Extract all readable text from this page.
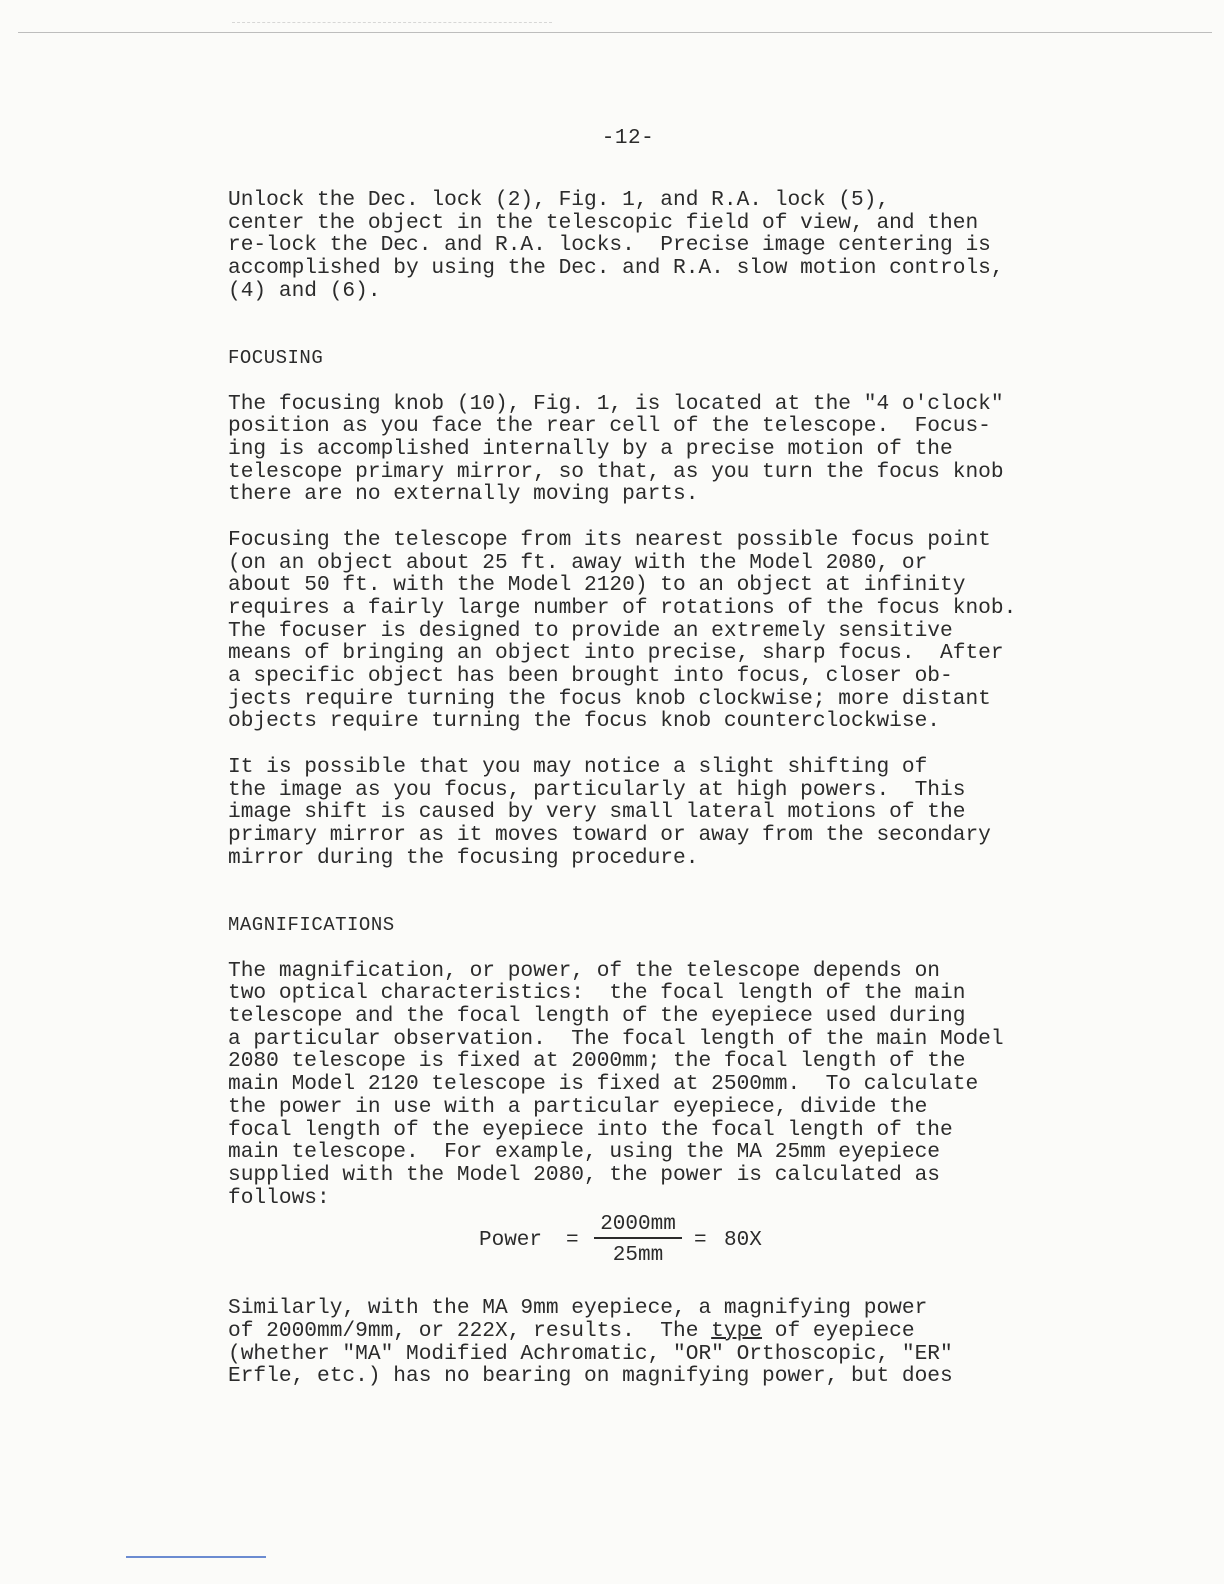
-12-
Unlock the Dec. lock (2), Fig. 1, and R.A. lock (5),
center the object in the telescopic field of view, and then
re-lock the Dec. and R.A. locks.  Precise image centering is
accomplished by using the Dec. and R.A. slow motion controls,
(4) and (6).
FOCUSING
The focusing knob (10), Fig. 1, is located at the "4 o'clock"
position as you face the rear cell of the telescope.  Focus-
ing is accomplished internally by a precise motion of the
telescope primary mirror, so that, as you turn the focus knob
there are no externally moving parts.
Focusing the telescope from its nearest possible focus point
(on an object about 25 ft. away with the Model 2080, or
about 50 ft. with the Model 2120) to an object at infinity
requires a fairly large number of rotations of the focus knob.
The focuser is designed to provide an extremely sensitive
means of bringing an object into precise, sharp focus.  After
a specific object has been brought into focus, closer ob-
jects require turning the focus knob clockwise; more distant
objects require turning the focus knob counterclockwise.
It is possible that you may notice a slight shifting of
the image as you focus, particularly at high powers.  This
image shift is caused by very small lateral motions of the
primary mirror as it moves toward or away from the secondary
mirror during the focusing procedure.
MAGNIFICATIONS
The magnification, or power, of the telescope depends on
two optical characteristics:  the focal length of the main
telescope and the focal length of the eyepiece used during
a particular observation.  The focal length of the main Model
2080 telescope is fixed at 2000mm; the focal length of the
main Model 2120 telescope is fixed at 2500mm.  To calculate
the power in use with a particular eyepiece, divide the
focal length of the eyepiece into the focal length of the
main telescope.  For example, using the MA 25mm eyepiece
supplied with the Model 2080, the power is calculated as
follows:
Power =
2000mm
25mm
= 80X
Similarly, with the MA 9mm eyepiece, a magnifying power
of 2000mm/9mm, or 222X, results.  The type of eyepiece
(whether "MA" Modified Achromatic, "OR" Orthoscopic, "ER"
Erfle, etc.) has no bearing on magnifying power, but does
